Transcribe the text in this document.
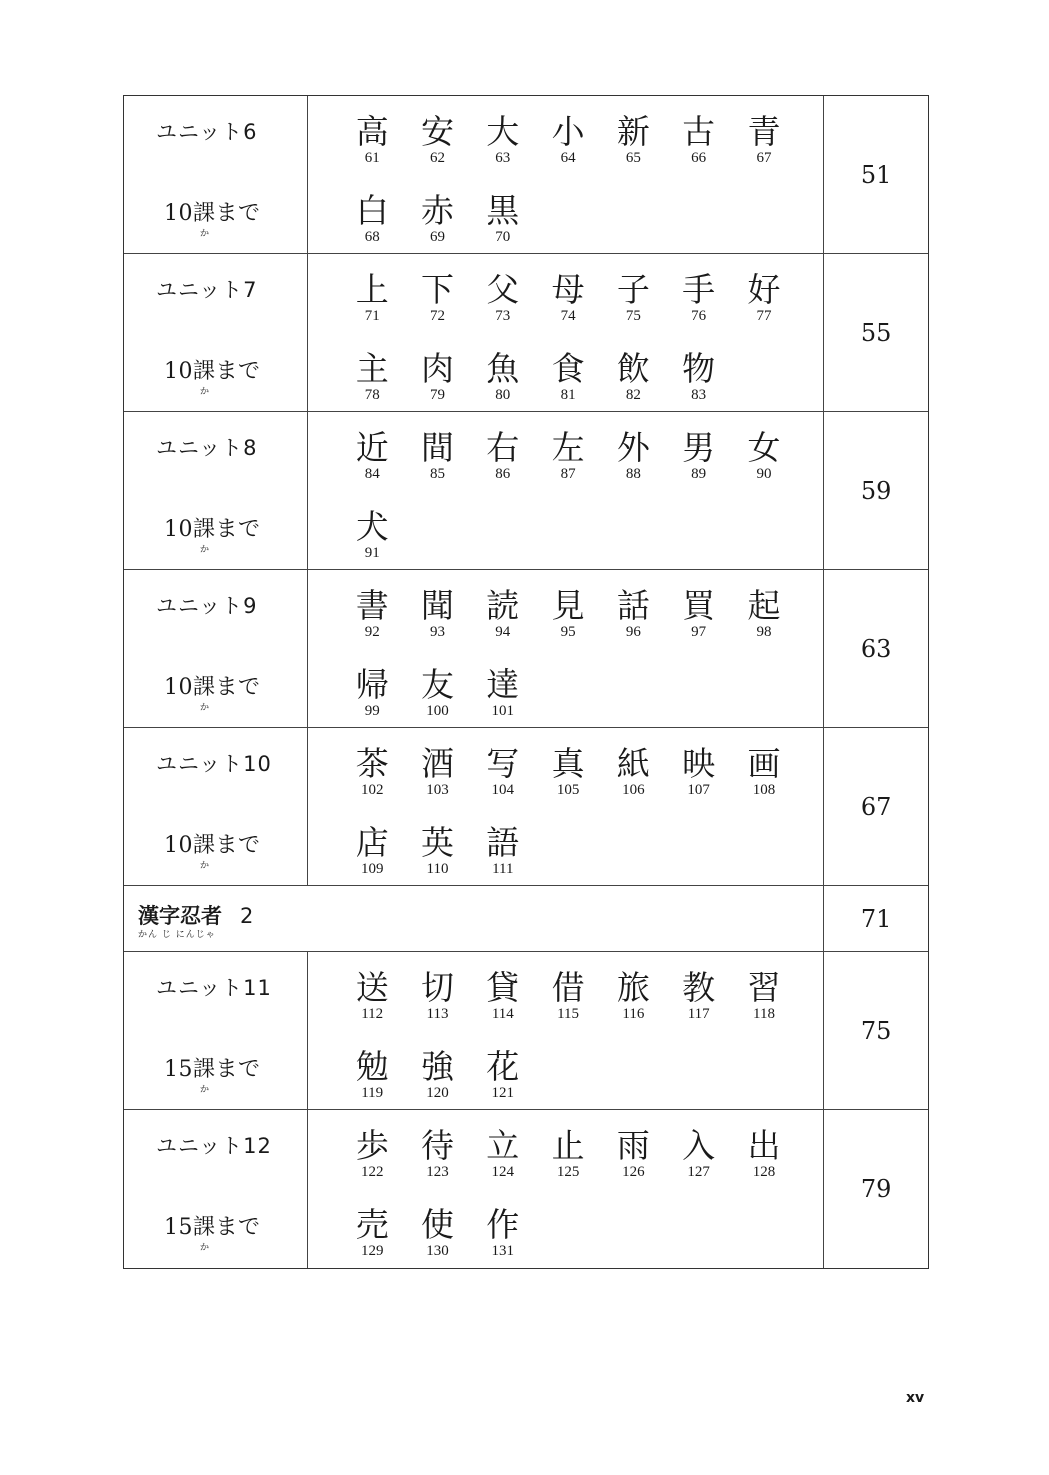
ユニット6
10課まで
か
高
61
安
62
大
63
小
64
新
65
古
66
青
67
白
68
赤
69
黒
70
51
ユニット7
10課まで
か
上
71
下
72
父
73
母
74
子
75
手
76
好
77
主
78
肉
79
魚
80
食
81
飲
82
物
83
55
ユニット8
10課まで
か
近
84
間
85
右
86
左
87
外
88
男
89
女
90
犬
91
59
ユニット9
10課まで
か
書
92
聞
93
読
94
見
95
話
96
買
97
起
98
帰
99
友
100
達
101
63
ユニット10
10課まで
か
茶
102
酒
103
写
104
真
105
紙
106
映
107
画
108
店
109
英
110
語
111
67
漢字忍者 2
かん じ にんじゃ
71
ユニット11
15課まで
か
送
112
切
113
貸
114
借
115
旅
116
教
117
習
118
勉
119
強
120
花
121
75
ユニット12
15課まで
か
歩
122
待
123
立
124
止
125
雨
126
入
127
出
128
売
129
使
130
作
131
79
xv
